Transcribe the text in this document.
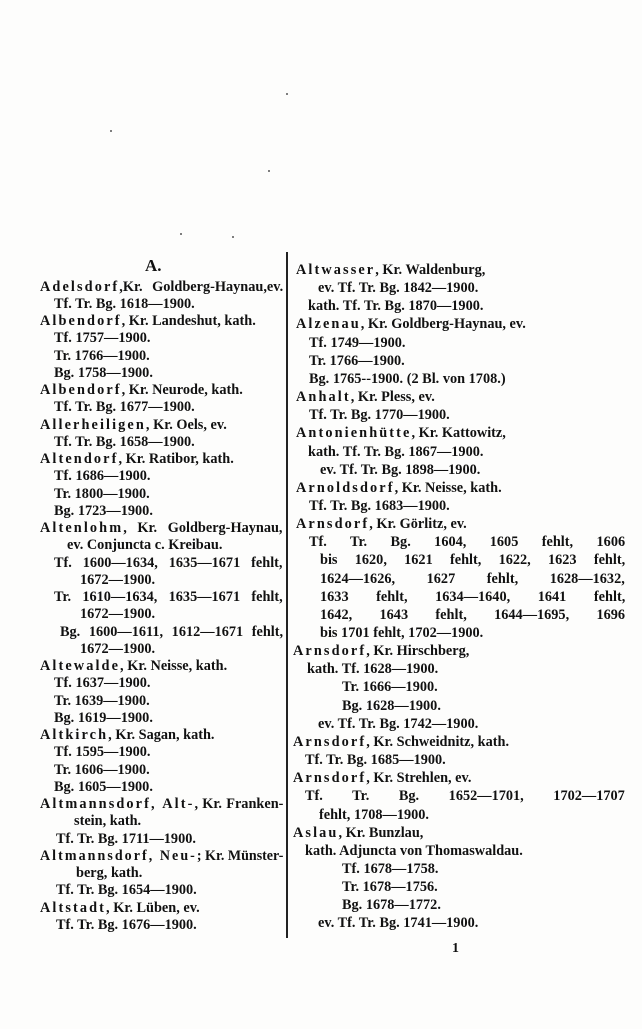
A.
Adelsdorf,Kr. Goldberg-Haynau,ev.
Tf. Tr. Bg. 1618—1900.
Albendorf, Kr. Landeshut, kath.
Tf. 1757—1900.
Tr. 1766—1900.
Bg. 1758—1900.
Albendorf, Kr. Neurode, kath.
Tf. Tr. Bg. 1677—1900.
Allerheiligen, Kr. Oels, ev.
Tf. Tr. Bg. 1658—1900.
Altendorf, Kr. Ratibor, kath.
Tf. 1686—1900.
Tr. 1800—1900.
Bg. 1723—1900.
Altenlohm, Kr. Goldberg-Haynau,
ev. Conjuncta c. Kreibau.
Tf. 1600—1634, 1635—1671 fehlt,
1672—1900.
Tr. 1610—1634, 1635—1671 fehlt,
1672—1900.
Bg. 1600—1611, 1612—1671 fehlt,
1672—1900.
Altewalde, Kr. Neisse, kath.
Tf. 1637—1900.
Tr. 1639—1900.
Bg. 1619—1900.
Altkirch, Kr. Sagan, kath.
Tf. 1595—1900.
Tr. 1606—1900.
Bg. 1605—1900.
Altmannsdorf, Alt-, Kr. Franken-
stein, kath.
Tf. Tr. Bg. 1711—1900.
Altmannsdorf, Neu-; Kr. Münster-
berg, kath.
Tf. Tr. Bg. 1654—1900.
Altstadt, Kr. Lüben, ev.
Tf. Tr. Bg. 1676—1900.
Altwasser, Kr. Waldenburg,
ev. Tf. Tr. Bg. 1842—1900.
kath. Tf. Tr. Bg. 1870—1900.
Alzenau, Kr. Goldberg-Haynau, ev.
Tf. 1749—1900.
Tr. 1766—1900.
Bg. 1765--1900. (2 Bl. von 1708.)
Anhalt, Kr. Pless, ev.
Tf. Tr. Bg. 1770—1900.
Antonienhütte, Kr. Kattowitz,
kath. Tf. Tr. Bg. 1867—1900.
ev. Tf. Tr. Bg. 1898—1900.
Arnoldsdorf, Kr. Neisse, kath.
Tf. Tr. Bg. 1683—1900.
Arnsdorf, Kr. Görlitz, ev.
Tf. Tr. Bg. 1604, 1605 fehlt, 1606
bis 1620, 1621 fehlt, 1622, 1623 fehlt,
1624—1626, 1627 fehlt, 1628—1632,
1633 fehlt, 1634—1640, 1641 fehlt,
1642, 1643 fehlt, 1644—1695, 1696
bis 1701 fehlt, 1702—1900.
Arnsdorf, Kr. Hirschberg,
kath. Tf. 1628—1900.
Tr. 1666—1900.
Bg. 1628—1900.
ev. Tf. Tr. Bg. 1742—1900.
Arnsdorf, Kr. Schweidnitz, kath.
Tf. Tr. Bg. 1685—1900.
Arnsdorf, Kr. Strehlen, ev.
Tf. Tr. Bg. 1652—1701, 1702—1707
fehlt, 1708—1900.
Aslau, Kr. Bunzlau,
kath. Adjuncta von Thomaswaldau.
Tf. 1678—1758.
Tr. 1678—1756.
Bg. 1678—1772.
ev. Tf. Tr. Bg. 1741—1900.
1
